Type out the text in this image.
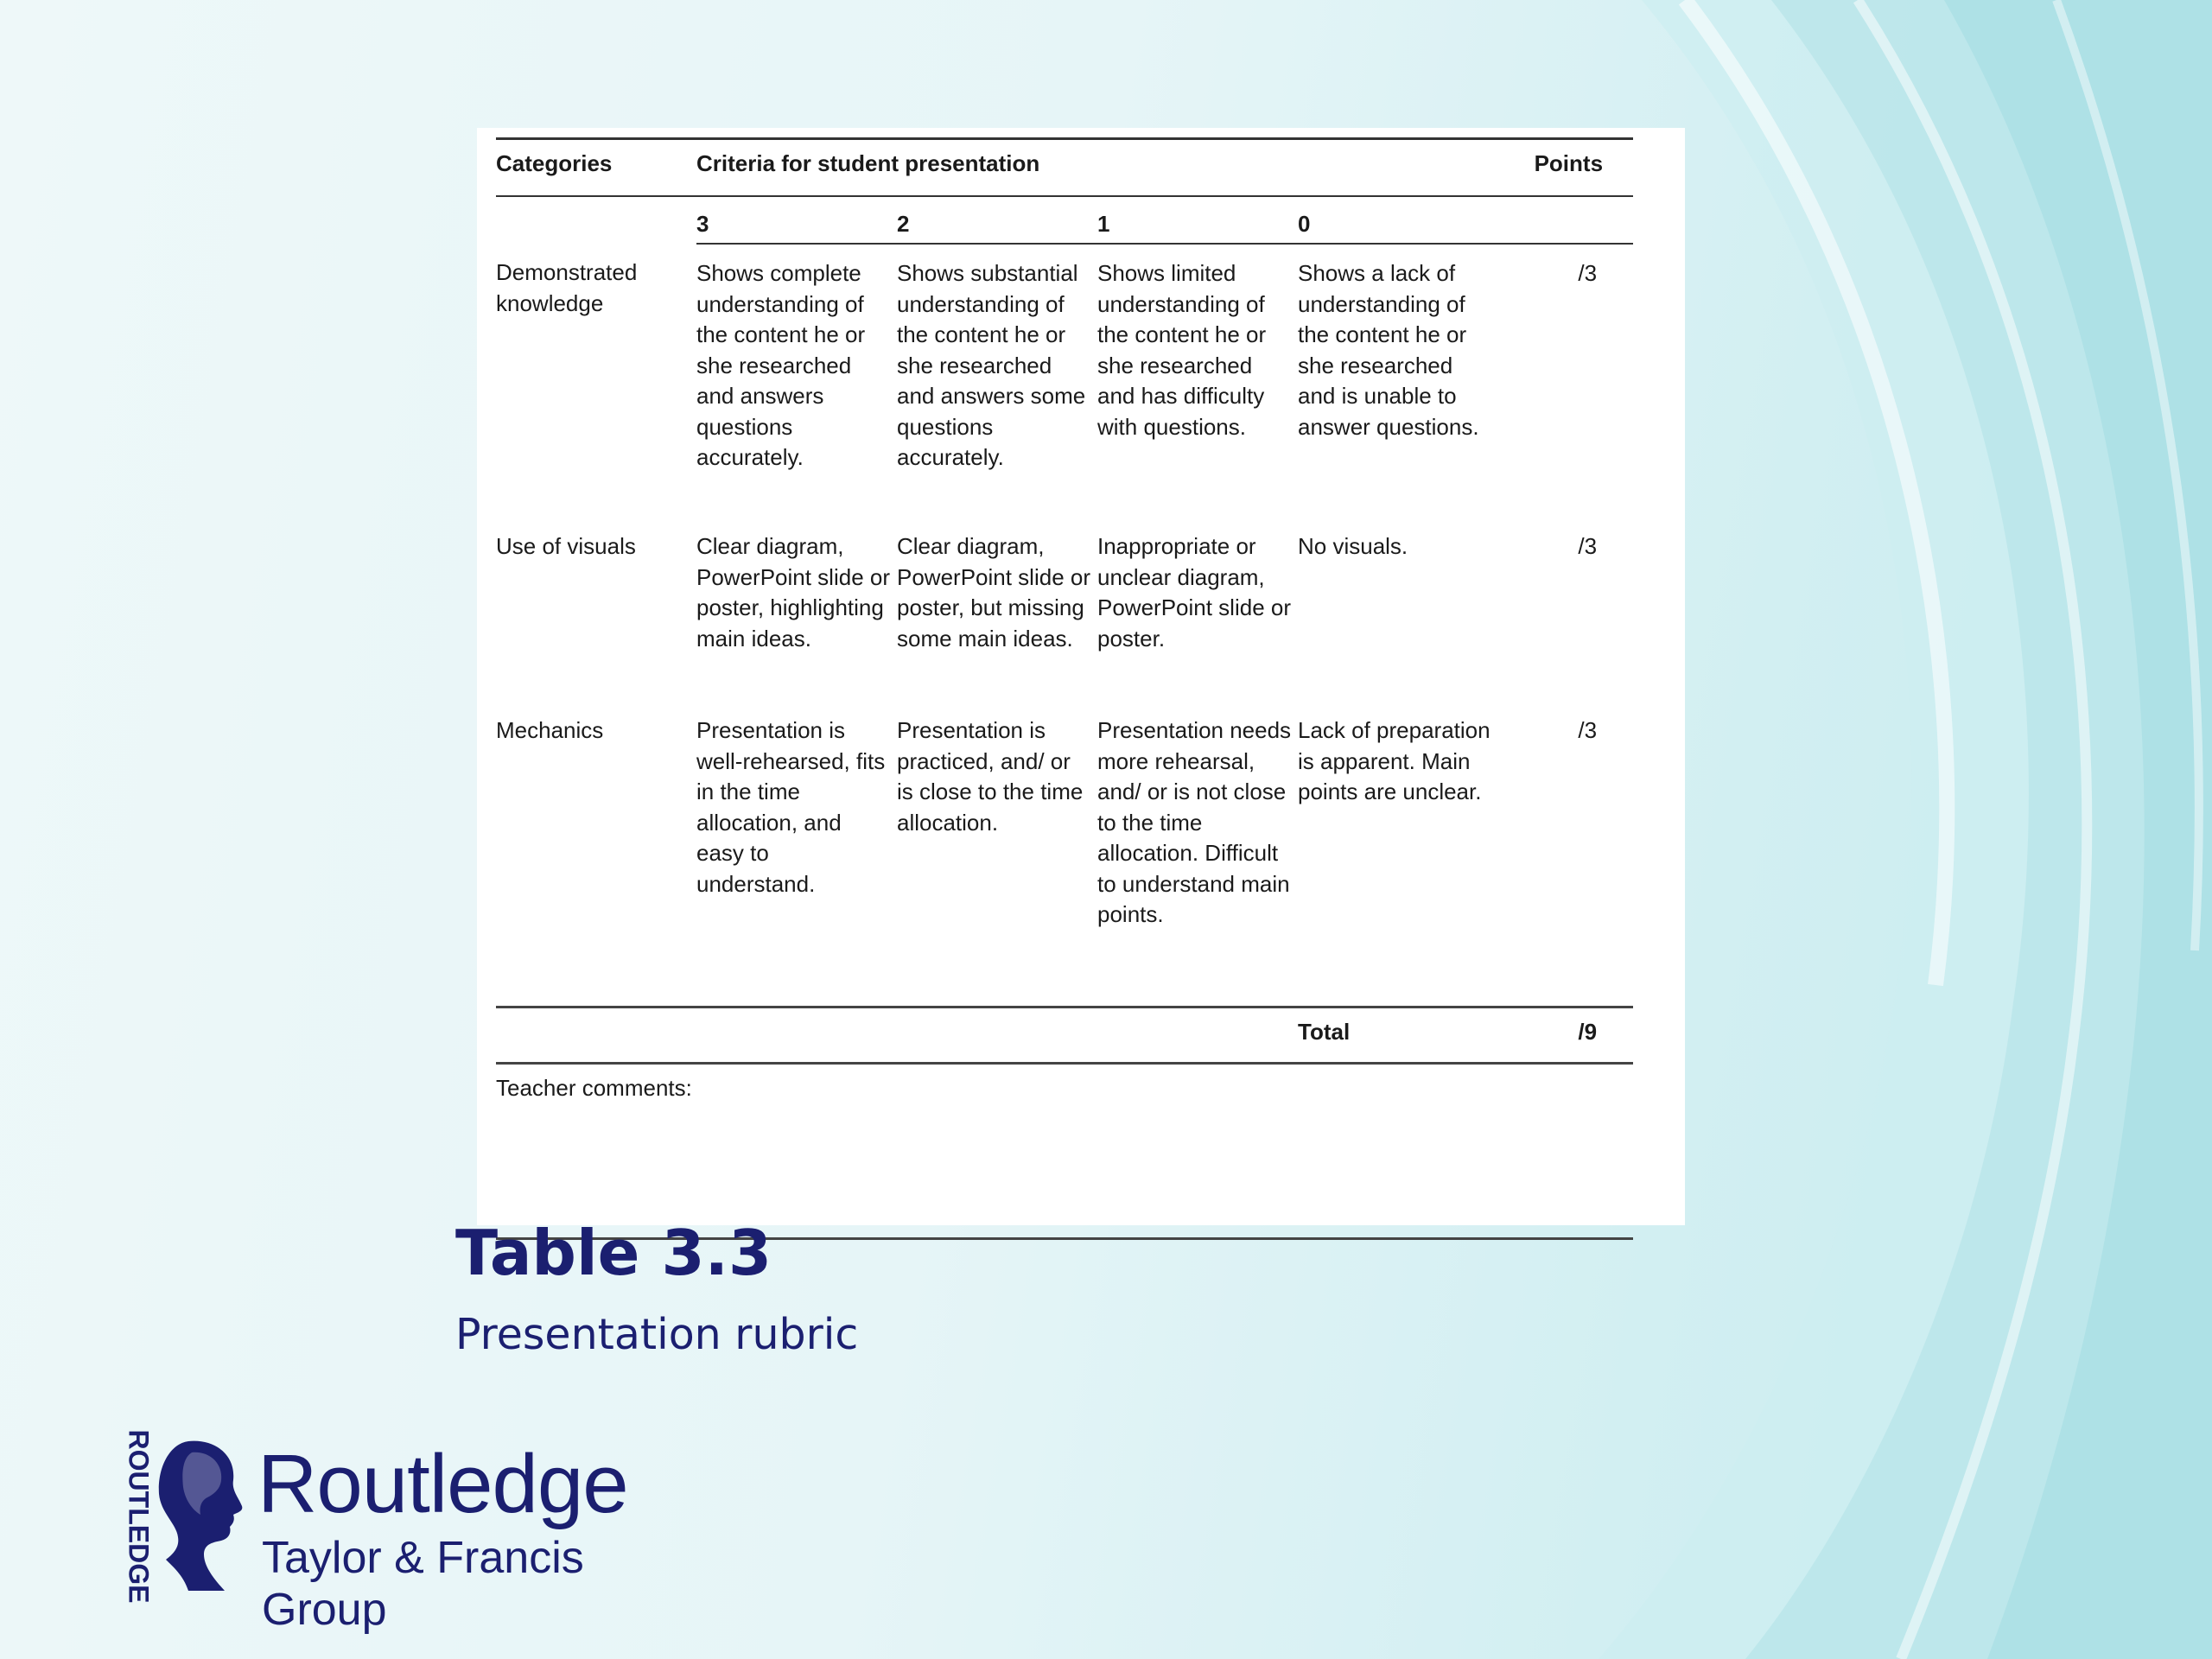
Categories	Criteria for student presentation				Points
	3	2	1	0	
Demonstrated knowledge	Shows complete understanding of the content he or she researched and answers questions accurately.	Shows substantial understanding of the content he or she researched and answers some questions accurately.	Shows limited understanding of the content he or she researched and has difficulty with questions.	Shows a lack of understanding of the content he or she researched and is unable to answer questions.	/3
Use of visuals	Clear diagram, PowerPoint slide or poster, highlighting main ideas.	Clear diagram, PowerPoint slide or poster, but missing some main ideas.	Inappropriate or unclear diagram, PowerPoint slide or poster.	No visuals.	/3
Mechanics	Presentation is well-rehearsed, fits in the time allocation, and easy to understand.	Presentation is practiced, and/ or is close to the time allocation.	Presentation needs more rehearsal, and/ or is not close to the time allocation. Difficult to understand main points.	Lack of preparation is apparent. Main points are unclear.	/3
				Total	/9
Teacher comments:					
Table 3.3
Presentation rubric
ROUTLEDGE Routledge
Taylor & Francis Group
